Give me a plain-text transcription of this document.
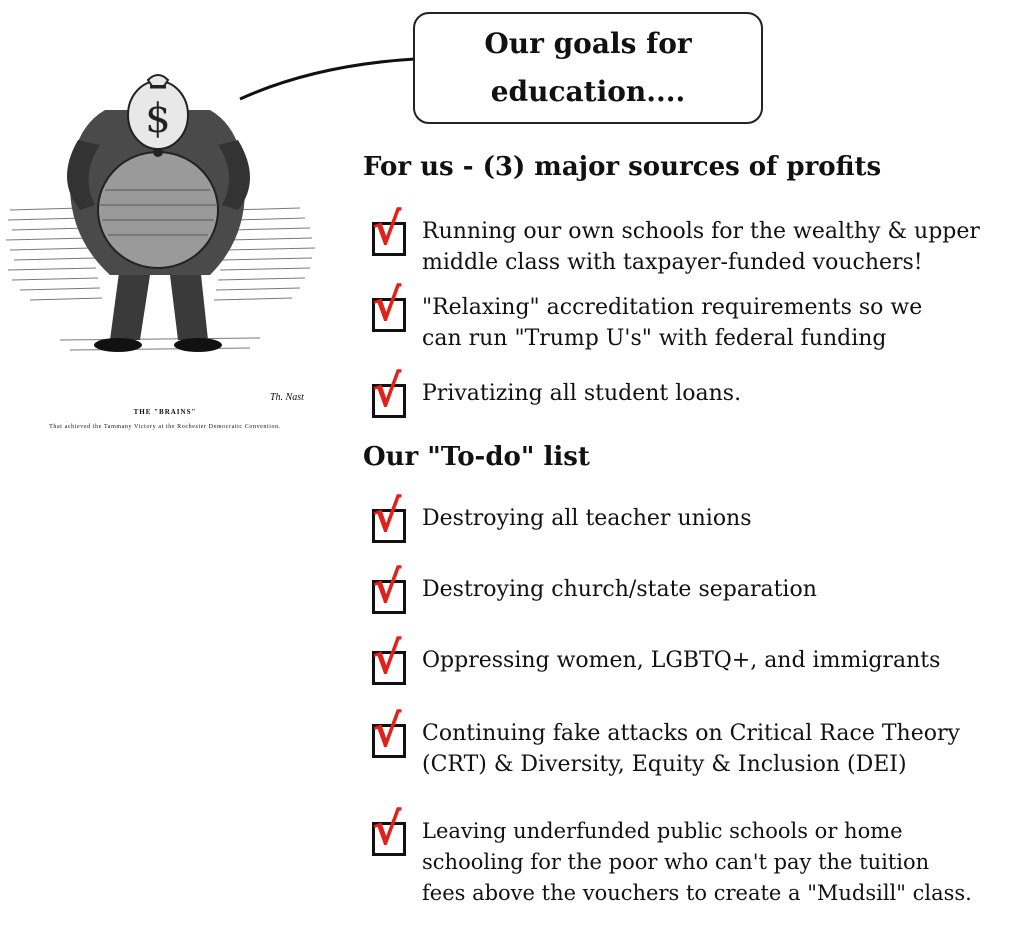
$
Th. Nast
THE "BRAINS"
That achieved the Tammany Victory at the Rochester Democratic Convention.
Our goals for
education....
For us - (3) major sources of profits
√ Running our own schools for the wealthy & upper
middle class with taxpayer-funded vouchers!
√ "Relaxing" accreditation requirements so we
can run "Trump U's" with federal funding
√ Privatizing all student loans.
Our "To-do" list
√ Destroying all teacher unions
√ Destroying church/state separation
√ Oppressing women, LGBTQ+, and immigrants
√ Continuing fake attacks on Critical Race Theory
(CRT) & Diversity, Equity & Inclusion (DEI)
√ Leaving underfunded public schools or home
schooling for the poor who can't pay the tuition
fees above the vouchers to create a "Mudsill" class.
